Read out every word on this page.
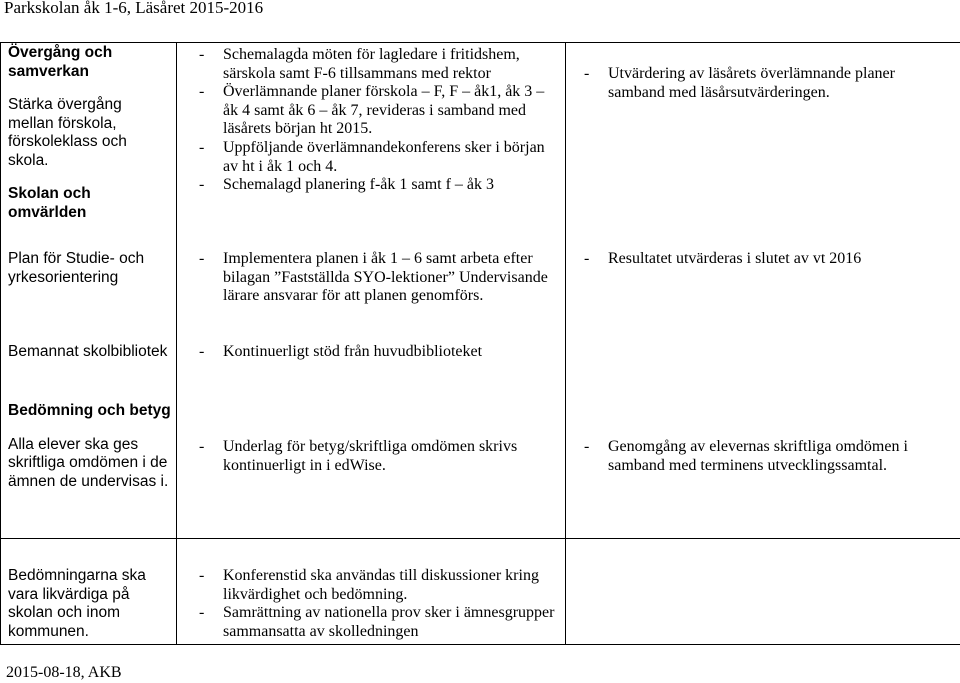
Parkskolan åk 1-6, Läsåret 2015-2016
Övergång och samverkan
Stärka övergång mellan förskola, förskoleklass och skola.
Skolan och omvärlden
- Schemalagda möten för lagledare i fritidshem, särskola samt F-6 tillsammans med rektor
- Överlämnande planer förskola – F, F – åk1, åk 3 – åk 4 samt åk 6 – åk 7, revideras i samband med läsårets början ht 2015.
- Uppföljande överlämnandekonferens sker i början av ht i åk 1 och 4.
- Schemalagd planering f-åk 1 samt f – åk 3
- Utvärdering av läsårets överlämnande planer samband med läsårsutvärderingen.
Plan för Studie- och yrkesorientering
- Implementera planen i åk 1 – 6 samt arbeta efter bilagan ”Fastställda SYO-lektioner” Undervisande lärare ansvarar för att planen genomförs.
- Resultatet utvärderas i slutet av vt 2016
Bemannat skolbibliotek - Kontinuerligt stöd från huvudbiblioteket
Bedömning och betyg
Alla elever ska ges skriftliga omdömen i de ämnen de undervisas i.
- Underlag för betyg/skriftliga omdömen skrivs kontinuerligt in i edWise.
- Genomgång av elevernas skriftliga omdömen i samband med terminens utvecklingssamtal.
Bedömningarna ska vara likvärdiga på skolan och inom kommunen.
- Konferenstid ska användas till diskussioner kring likvärdighet och bedömning.
- Samrättning av nationella prov sker i ämnesgrupper sammansatta av skolledningen
2015-08-18, AKB
